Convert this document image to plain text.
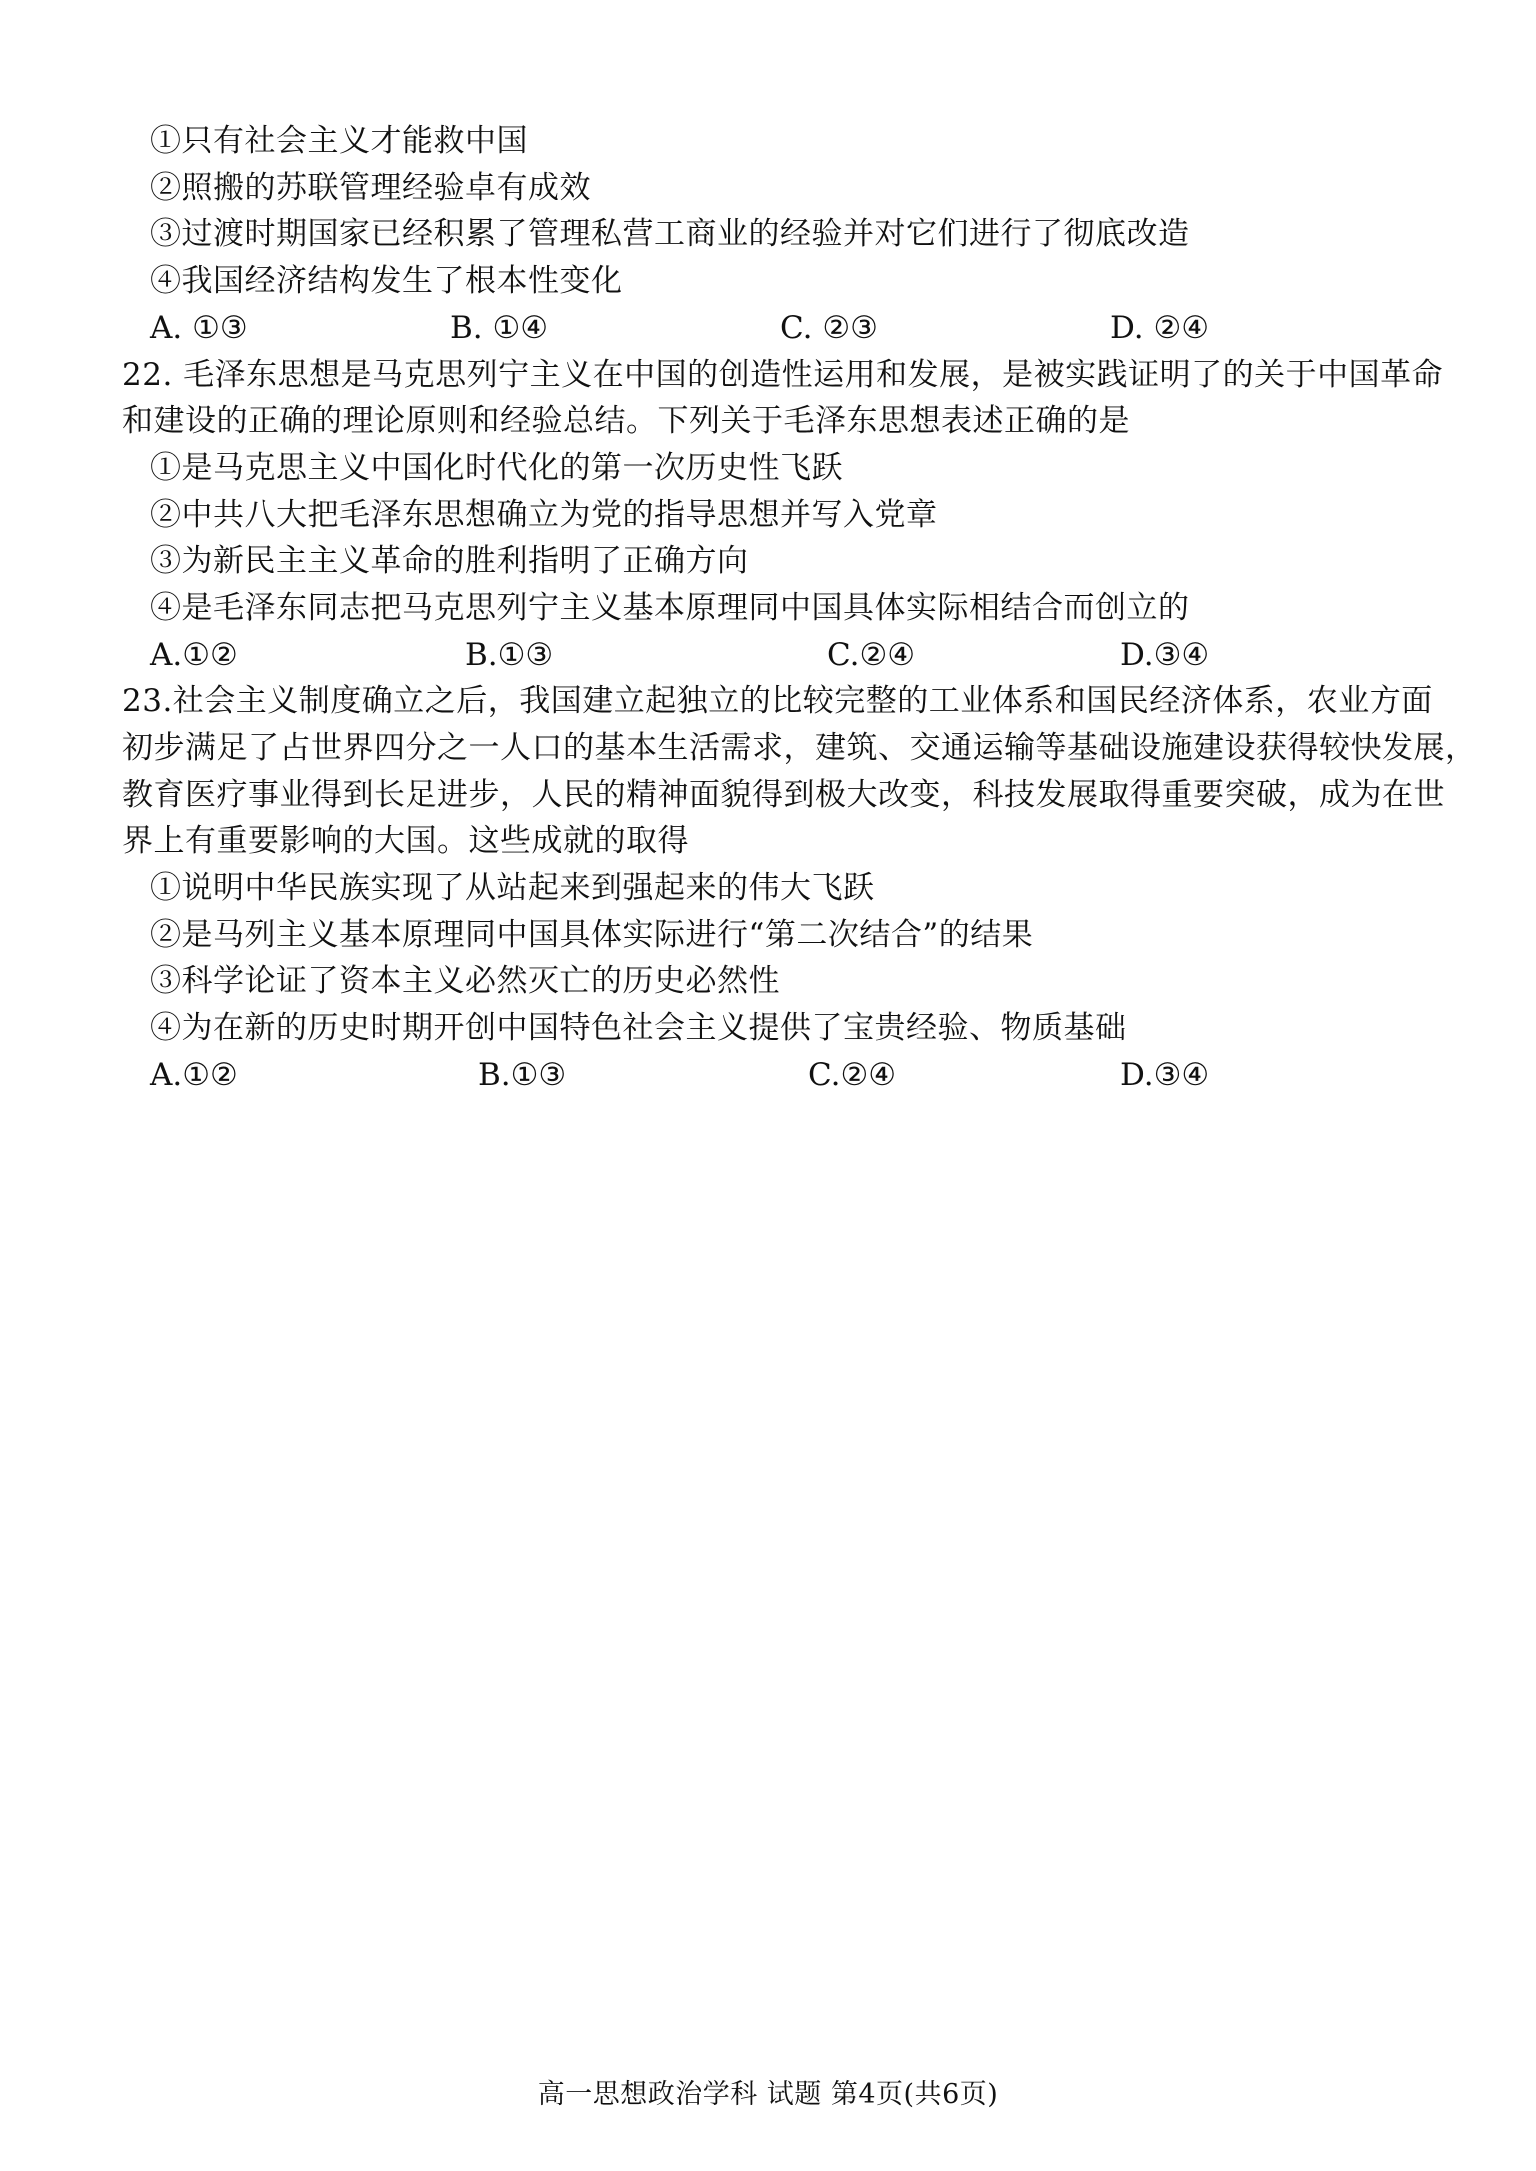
①只有社会主义才能救中国
②照搬的苏联管理经验卓有成效
③过渡时期国家已经积累了管理私营工商业的经验并对它们进行了彻底改造
④我国经济结构发生了根本性变化
A. ①③	B. ①④	C. ②③	D. ②④
22. 毛泽东思想是马克思列宁主义在中国的创造性运用和发展，是被实践证明了的关于中国革命
和建设的正确的理论原则和经验总结。下列关于毛泽东思想表述正确的是
①是马克思主义中国化时代化的第一次历史性飞跃
②中共八大把毛泽东思想确立为党的指导思想并写入党章
③为新民主主义革命的胜利指明了正确方向
④是毛泽东同志把马克思列宁主义基本原理同中国具体实际相结合而创立的
A.①②	B.①③	C.②④	D.③④
23.社会主义制度确立之后，我国建立起独立的比较完整的工业体系和国民经济体系，农业方面
初步满足了占世界四分之一人口的基本生活需求，建筑、交通运输等基础设施建设获得较快发展，
教育医疗事业得到长足进步，人民的精神面貌得到极大改变，科技发展取得重要突破，成为在世
界上有重要影响的大国。这些成就的取得
①说明中华民族实现了从站起来到强起来的伟大飞跃
②是马列主义基本原理同中国具体实际进行“第二次结合”的结果
③科学论证了资本主义必然灭亡的历史必然性
④为在新的历史时期开创中国特色社会主义提供了宝贵经验、物质基础
A.①②	B.①③	C.②④	D.③④
高一思想政治学科 试题 第4页(共6页)
